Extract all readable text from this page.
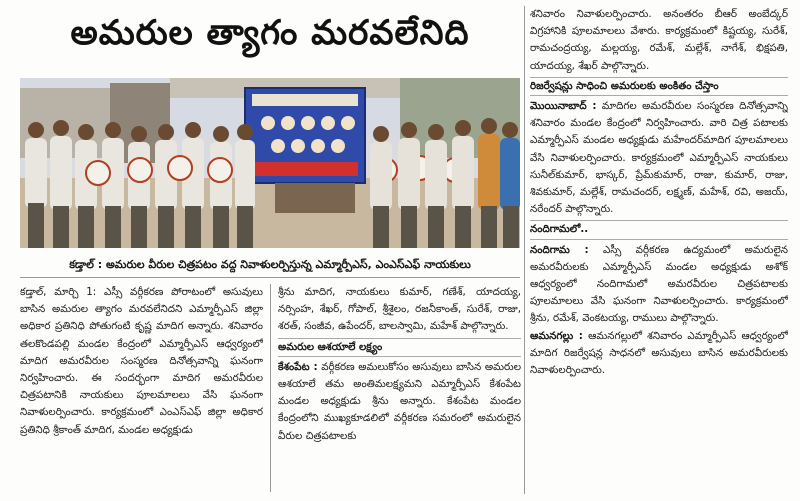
అమరుల త్యాగం మరవలేనిది
కడ్తాల్ : అమరుల వీరుల చిత్రపటం వద్ద నివాళులర్పిస్తున్న ఎమ్మార్పీఎస్, ఎంఎస్ఎఫ్ నాయకులు

కడ్తాల్, మార్చి 1: ఎస్సీ వర్గీకరణ పోరాటంలో అసువులు బాసిన అమరుల త్యాగం మరవలేనిదని ఎమ్మార్పీఎస్ జిల్లా అధికార ప్రతినిధి పోతుగంటి కృష్ణ మాదిగ అన్నారు. శనివారం తలకొండపల్లి మండల కేంద్రంలో ఎమ్మార్పీఎస్ ఆధ్వర్యంలో మాదిగ అమరవీరుల సంస్మరణ దినోత్సవాన్ని ఘనంగా నిర్వహించారు. ఈ సందర్భంగా మాదిగ అమరవీరుల చిత్రపటానికి నాయకులు పూలమాలలు వేసి ఘనంగా నివాళులర్పించారు. కార్యక్రమంలో ఎంఎస్ఎఫ్ జిల్లా అధికార ప్రతినిధి శ్రీకాంత్ మాదిగ, మండల అధ్యక్షుడు

శ్రీను మాదిగ, నాయకులు కుమార్, గణేశ్, యాదయ్య, నర్సింహ, శేఖర్, గోపాల్, శ్రీశైలం, రజనీకాంత్, సురేశ్, రాజు, శరత్, సంజీవ, ఉపేందర్, బాలస్వామి, మహేశ్ పాల్గొన్నారు.

అమరుల ఆశయాలే లక్ష్యం

కేశంపేట : వర్గీకరణ అమలుకోసం అసువులు బాసిన అమరుల ఆశయాలే తమ అంతిమలక్ష్యమని ఎమ్మార్పీఎస్ కేశంపేట మండల అధ్యక్షుడు శ్రీను అన్నారు. కేశంపేట మండల కేంద్రంలోని ముఖ్యకూడలిలో వర్గీకరణ సమరంలో అమరులైన వీరుల చిత్రపటాలకు

శనివారం నివాళులర్పించారు. అనంతరం బీఆర్ అంబేద్కర్ విగ్రహానికి పూలమాలలు వేశారు. కార్యక్రమంలో కిష్టయ్య, సురేశ్, రామచంద్రయ్య, మల్లయ్య, రమేశ్, మల్లేశ్, నాగేశ్, భిక్షపతి, యాదయ్య, శేఖర్ పాల్గొన్నారు.

రిజర్వేషన్లు సాధించి అమరులకు అంకితం చేస్తాం

మొయినాబాద్ : మాదిగల అమరవీరుల సంస్మరణ దినోత్సవాన్ని శనివారం మండల కేంద్రంలో నిర్వహించారు. వారి చిత్ర పటాలకు ఎమ్మార్పీఎస్ మండల అధ్యక్షుడు మహేందర్‌మాదిగ పూలమాలలు వేసి నివాళులర్పించారు. కార్యక్రమంలో ఎమ్మార్పీఎస్ నాయకులు సునీల్‌కుమార్, భాస్కర్, ప్రేమ్‌కుమార్, రాజు, కుమార్, రాజు, శివకుమార్, మల్లేశ్, రామచందర్, లక్ష్మణ్, మహేశ్, రవి, అజయ్, నరేందర్ పాల్గొన్నారు.

నందిగామలో..

నందిగామ : ఎస్సీ వర్గీకరణ ఉద్యమంలో అమరులైన అమరవీరులకు ఎమ్మార్పీఎస్ మండల అధ్యక్షుడు అశోక్ ఆధ్వర్యంలో నందిగామలో అమరవీరుల చిత్రపటాలకు పూలమాలలు వేసి ఘనంగా నివాళులర్పించారు. కార్యక్రమంలో శ్రీను, రమేశ్, వెంకటయ్య, రాములు పాల్గొన్నారు.

ఆమనగల్లు : ఆమనగల్లులో శనివారం ఎమ్మార్పీఎస్ ఆధ్వర్యంలో మాదిగ రిజర్వేషన్ల సాధనలో అసువులు బాసిన అమరవీరులకు నివాళులర్పించారు.
